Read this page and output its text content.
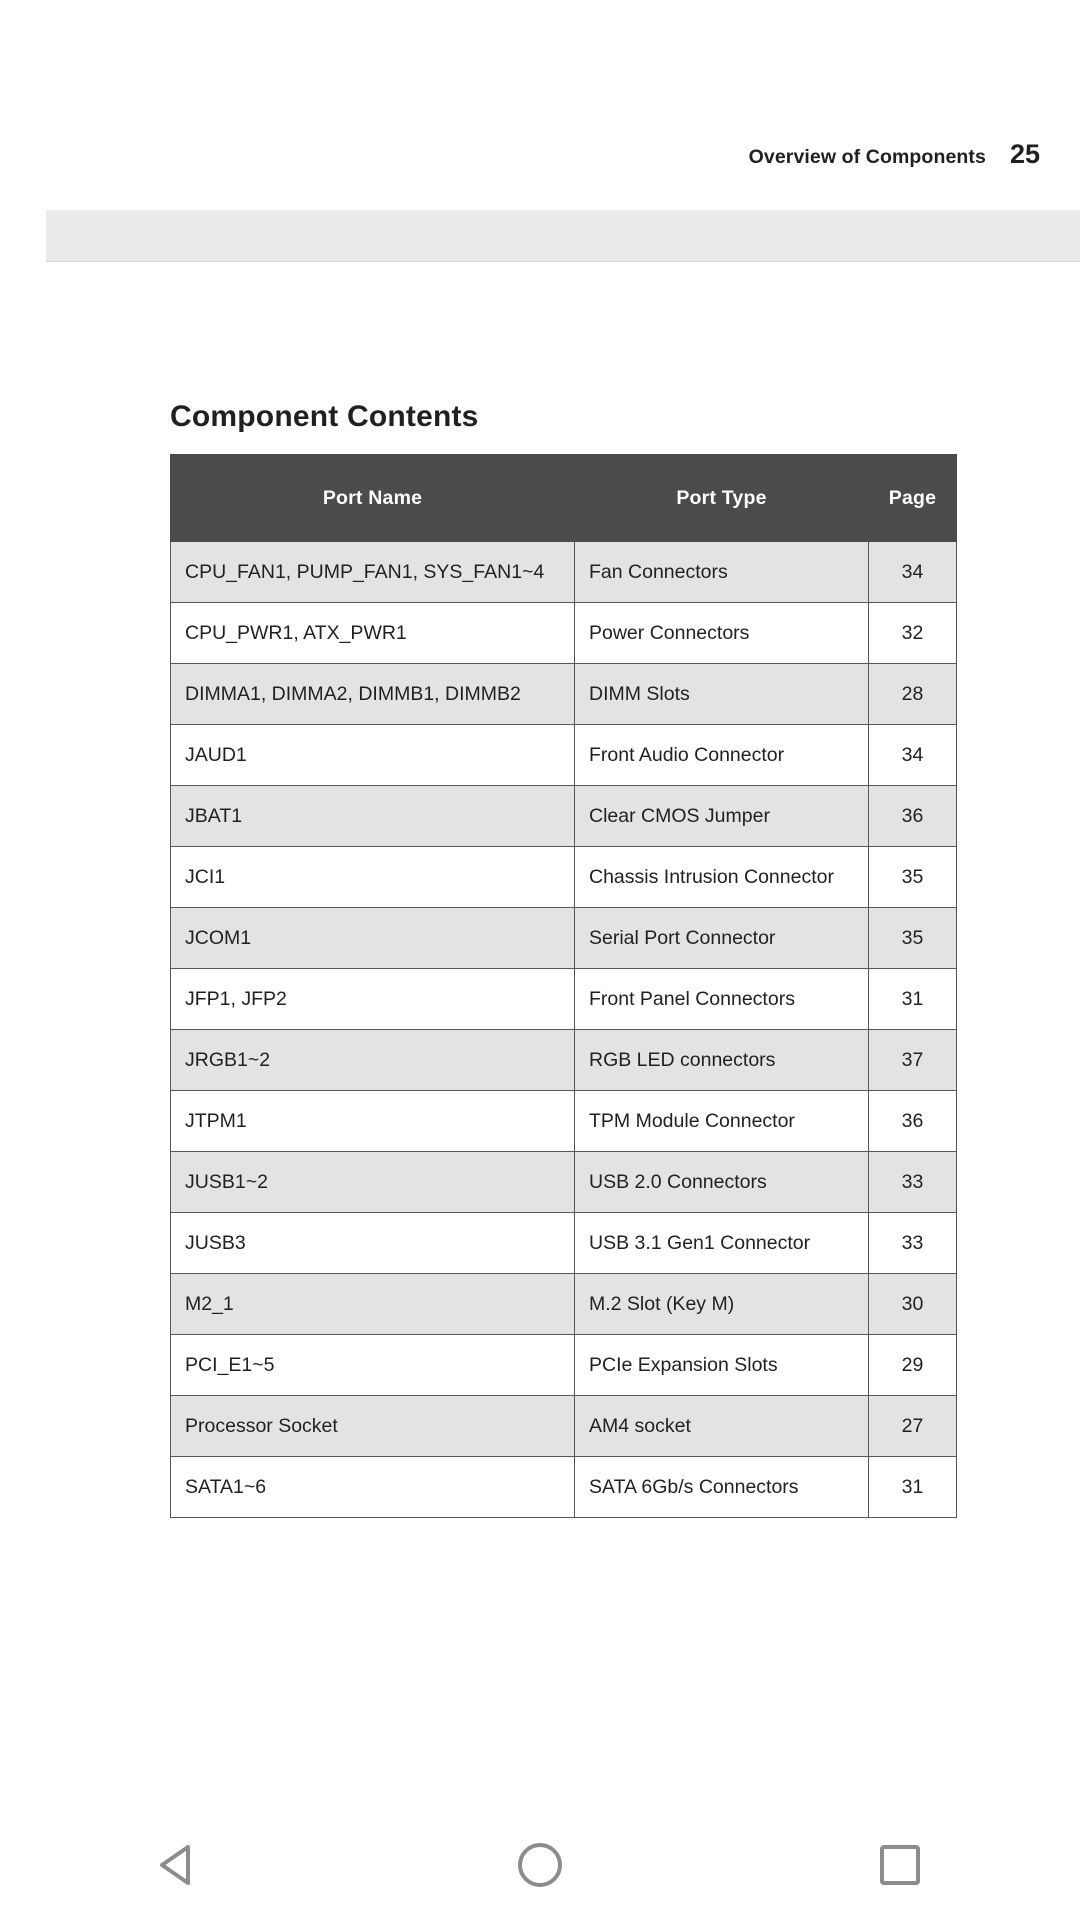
Overview of Components 25
Component Contents
Port Name	Port Type	Page
CPU_FAN1, PUMP_FAN1, SYS_FAN1~4	Fan Connectors	34
CPU_PWR1, ATX_PWR1	Power Connectors	32
DIMMA1, DIMMA2, DIMMB1, DIMMB2	DIMM Slots	28
JAUD1	Front Audio Connector	34
JBAT1	Clear CMOS Jumper	36
JCI1	Chassis Intrusion Connector	35
JCOM1	Serial Port Connector	35
JFP1, JFP2	Front Panel Connectors	31
JRGB1~2	RGB LED connectors	37
JTPM1	TPM Module Connector	36
JUSB1~2	USB 2.0 Connectors	33
JUSB3	USB 3.1 Gen1 Connector	33
M2_1	M.2 Slot (Key M)	30
PCI_E1~5	PCIe Expansion Slots	29
Processor Socket	AM4 socket	27
SATA1~6	SATA 6Gb/s Connectors	31
